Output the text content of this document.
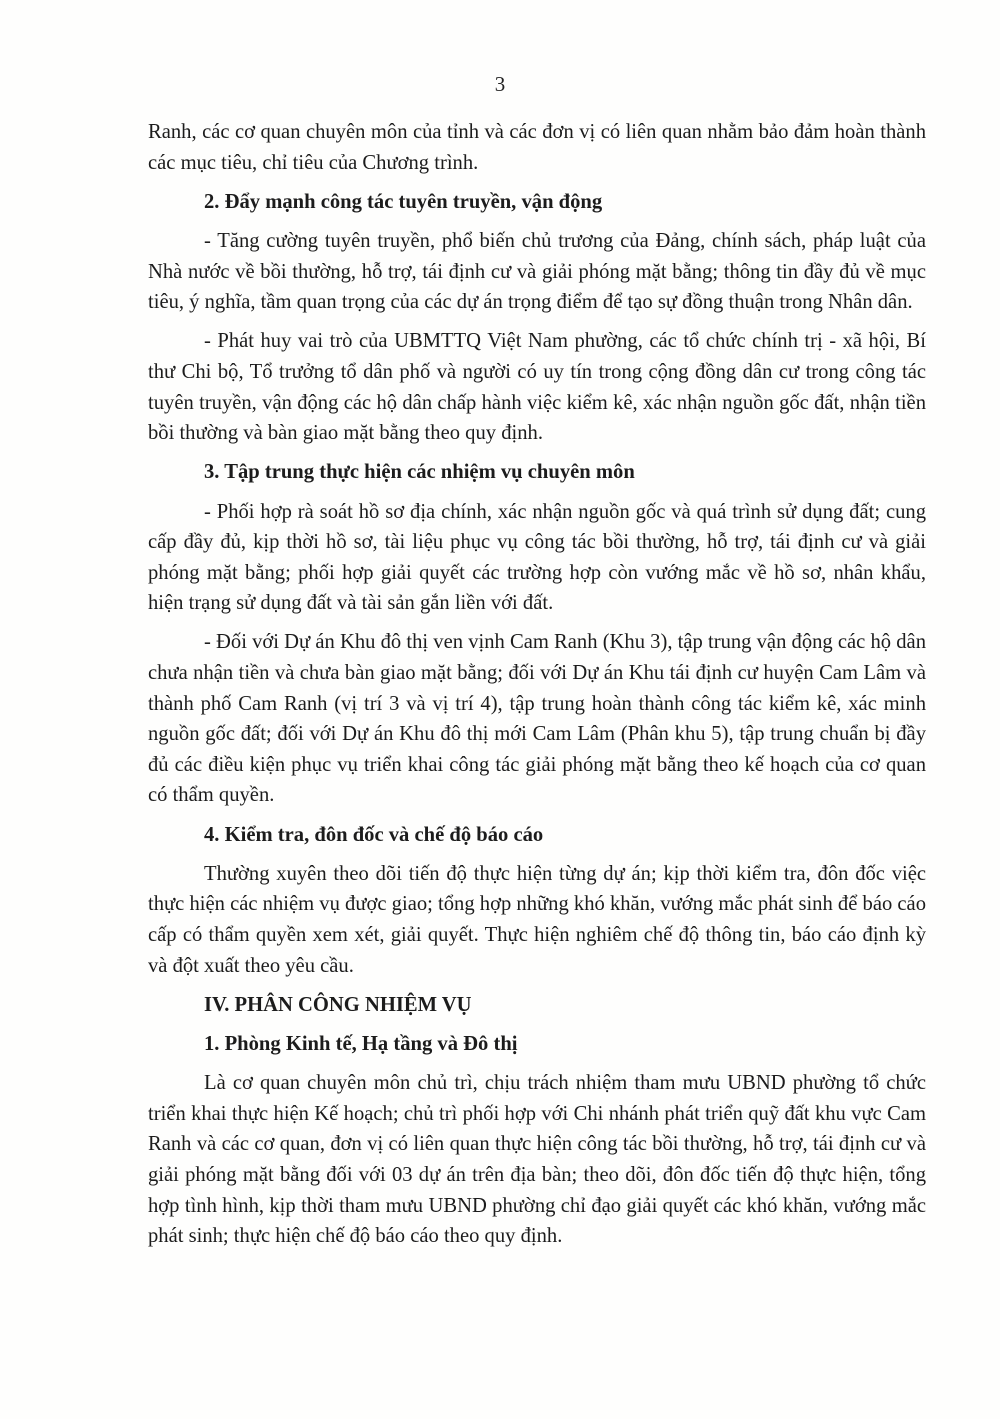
3

Ranh, các cơ quan chuyên môn của tỉnh và các đơn vị có liên quan nhằm bảo đảm hoàn thành các mục tiêu, chỉ tiêu của Chương trình.

2. Đẩy mạnh công tác tuyên truyền, vận động

- Tăng cường tuyên truyền, phổ biến chủ trương của Đảng, chính sách, pháp luật của Nhà nước về bồi thường, hỗ trợ, tái định cư và giải phóng mặt bằng; thông tin đầy đủ về mục tiêu, ý nghĩa, tầm quan trọng của các dự án trọng điểm để tạo sự đồng thuận trong Nhân dân.

- Phát huy vai trò của UBMTTQ Việt Nam phường, các tổ chức chính trị - xã hội, Bí thư Chi bộ, Tổ trưởng tổ dân phố và người có uy tín trong cộng đồng dân cư trong công tác tuyên truyền, vận động các hộ dân chấp hành việc kiểm kê, xác nhận nguồn gốc đất, nhận tiền bồi thường và bàn giao mặt bằng theo quy định.

3. Tập trung thực hiện các nhiệm vụ chuyên môn

- Phối hợp rà soát hồ sơ địa chính, xác nhận nguồn gốc và quá trình sử dụng đất; cung cấp đầy đủ, kịp thời hồ sơ, tài liệu phục vụ công tác bồi thường, hỗ trợ, tái định cư và giải phóng mặt bằng; phối hợp giải quyết các trường hợp còn vướng mắc về hồ sơ, nhân khẩu, hiện trạng sử dụng đất và tài sản gắn liền với đất.

- Đối với Dự án Khu đô thị ven vịnh Cam Ranh (Khu 3), tập trung vận động các hộ dân chưa nhận tiền và chưa bàn giao mặt bằng; đối với Dự án Khu tái định cư huyện Cam Lâm và thành phố Cam Ranh (vị trí 3 và vị trí 4), tập trung hoàn thành công tác kiểm kê, xác minh nguồn gốc đất; đối với Dự án Khu đô thị mới Cam Lâm (Phân khu 5), tập trung chuẩn bị đầy đủ các điều kiện phục vụ triển khai công tác giải phóng mặt bằng theo kế hoạch của cơ quan có thẩm quyền.

4. Kiểm tra, đôn đốc và chế độ báo cáo

Thường xuyên theo dõi tiến độ thực hiện từng dự án; kịp thời kiểm tra, đôn đốc việc thực hiện các nhiệm vụ được giao; tổng hợp những khó khăn, vướng mắc phát sinh để báo cáo cấp có thẩm quyền xem xét, giải quyết. Thực hiện nghiêm chế độ thông tin, báo cáo định kỳ và đột xuất theo yêu cầu.

IV. PHÂN CÔNG NHIỆM VỤ

1. Phòng Kinh tế, Hạ tầng và Đô thị

Là cơ quan chuyên môn chủ trì, chịu trách nhiệm tham mưu UBND phường tổ chức triển khai thực hiện Kế hoạch; chủ trì phối hợp với Chi nhánh phát triển quỹ đất khu vực Cam Ranh và các cơ quan, đơn vị có liên quan thực hiện công tác bồi thường, hỗ trợ, tái định cư và giải phóng mặt bằng đối với 03 dự án trên địa bàn; theo dõi, đôn đốc tiến độ thực hiện, tổng hợp tình hình, kịp thời tham mưu UBND phường chỉ đạo giải quyết các khó khăn, vướng mắc phát sinh; thực hiện chế độ báo cáo theo quy định.
